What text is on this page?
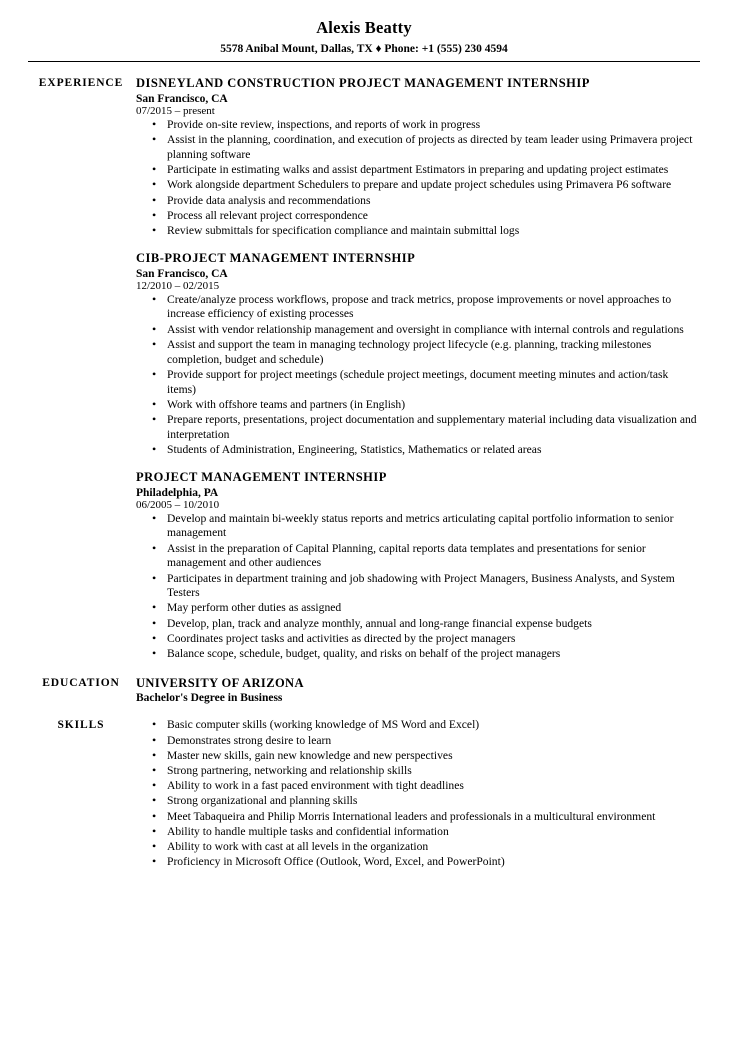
Alexis Beatty
5578 Anibal Mount, Dallas, TX ♦ Phone: +1 (555) 230 4594
EXPERIENCE	DISNEYLAND CONSTRUCTION PROJECT MANAGEMENT INTERNSHIP
San Francisco, CA
07/2015 – present
• Provide on-site review, inspections, and reports of work in progress
• Assist in the planning, coordination, and execution of projects as directed by team leader using Primavera project planning software
• Participate in estimating walks and assist department Estimators in preparing and updating project estimates
• Work alongside department Schedulers to prepare and update project schedules using Primavera P6 software
• Provide data analysis and recommendations
• Process all relevant project correspondence
• Review submittals for specification compliance and maintain submittal logs
CIB-PROJECT MANAGEMENT INTERNSHIP
San Francisco, CA
12/2010 – 02/2015
• Create/analyze process workflows, propose and track metrics, propose improvements or novel approaches to increase efficiency of existing processes
• Assist with vendor relationship management and oversight in compliance with internal controls and regulations
• Assist and support the team in managing technology project lifecycle (e.g. planning, tracking milestones completion, budget and schedule)
• Provide support for project meetings (schedule project meetings, document meeting minutes and action/task items)
• Work with offshore teams and partners (in English)
• Prepare reports, presentations, project documentation and supplementary material including data visualization and interpretation
• Students of Administration, Engineering, Statistics, Mathematics or related areas
PROJECT MANAGEMENT INTERNSHIP
Philadelphia, PA
06/2005 – 10/2010
• Develop and maintain bi-weekly status reports and metrics articulating capital portfolio information to senior management
• Assist in the preparation of Capital Planning, capital reports data templates and presentations for senior management and other audiences
• Participates in department training and job shadowing with Project Managers, Business Analysts, and System Testers
• May perform other duties as assigned
• Develop, plan, track and analyze monthly, annual and long-range financial expense budgets
• Coordinates project tasks and activities as directed by the project managers
• Balance scope, schedule, budget, quality, and risks on behalf of the project managers
EDUCATION	UNIVERSITY OF ARIZONA
Bachelor's Degree in Business
SKILLS	• Basic computer skills (working knowledge of MS Word and Excel)
• Demonstrates strong desire to learn
• Master new skills, gain new knowledge and new perspectives
• Strong partnering, networking and relationship skills
• Ability to work in a fast paced environment with tight deadlines
• Strong organizational and planning skills
• Meet Tabaqueira and Philip Morris International leaders and professionals in a multicultural environment
• Ability to handle multiple tasks and confidential information
• Ability to work with cast at all levels in the organization
• Proficiency in Microsoft Office (Outlook, Word, Excel, and PowerPoint)
